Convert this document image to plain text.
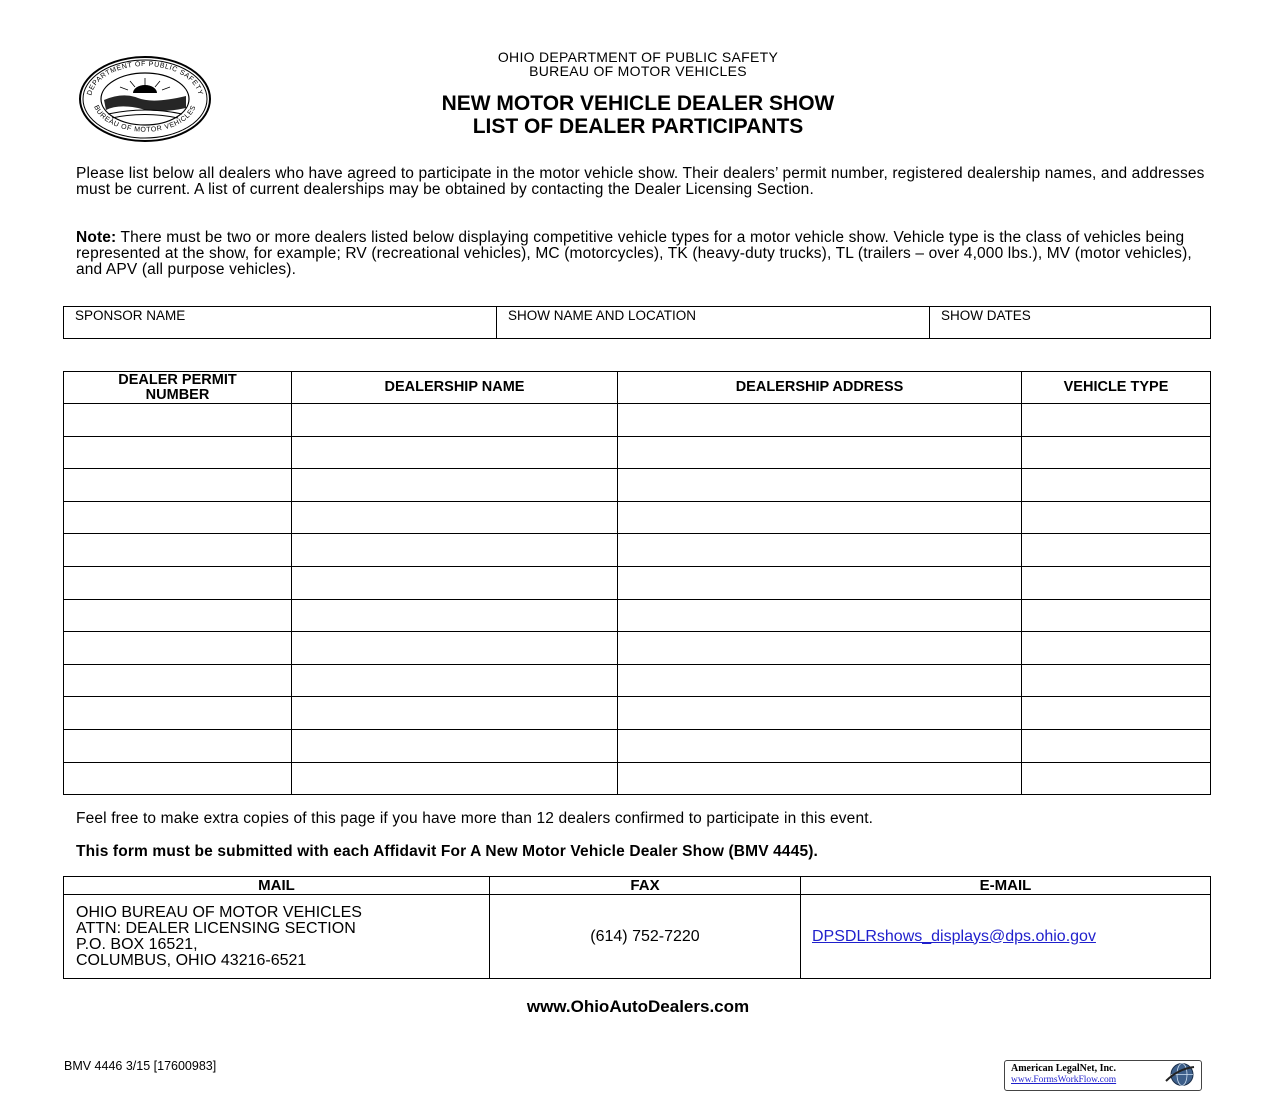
DEPARTMENT OF PUBLIC SAFETY
BUREAU OF MOTOR VEHICLES
OHIO DEPARTMENT OF PUBLIC SAFETY
BUREAU OF MOTOR VEHICLES
NEW MOTOR VEHICLE DEALER SHOW
LIST OF DEALER PARTICIPANTS
Please list below all dealers who have agreed to participate in the motor vehicle show. Their dealers’ permit number, registered dealership names, and addresses must be current. A list of current dealerships may be obtained by contacting the Dealer Licensing Section.
Note: There must be two or more dealers listed below displaying competitive vehicle types for a motor vehicle show. Vehicle type is the class of vehicles being represented at the show, for example; RV (recreational vehicles), MC (motorcycles), TK (heavy-duty trucks), TL (trailers – over 4,000 lbs.), MV (motor vehicles), and APV (all purpose vehicles).
SPONSOR NAME	SHOW NAME AND LOCATION	SHOW DATES
DEALER PERMIT NUMBER	DEALERSHIP NAME	DEALERSHIP ADDRESS	VEHICLE TYPE

Feel free to make extra copies of this page if you have more than 12 dealers confirmed to participate in this event.
This form must be submitted with each Affidavit For A New Motor Vehicle Dealer Show (BMV 4445).
MAIL	FAX	E-MAIL

OHIO BUREAU OF MOTOR VEHICLES
ATTN: DEALER LICENSING SECTION
P.O. BOX 16521,
COLUMBUS, OHIO 43216-6521	(614) 752-7220	DPSDLRshows_displays@dps.ohio.gov
www.OhioAutoDealers.com
BMV 4446 3/15 [17600983]	American LegalNet, Inc.
www.FormsWorkFlow.com
